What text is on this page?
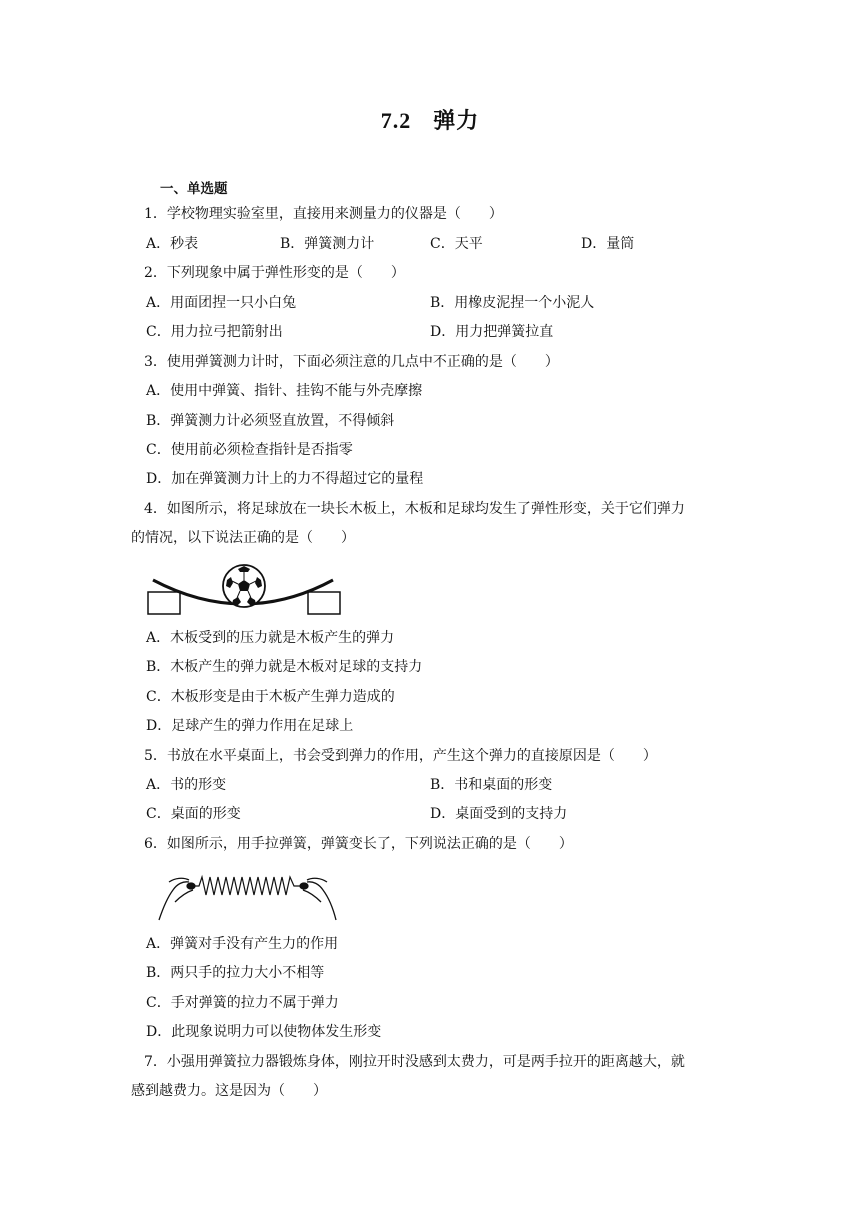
7.2 弹力
一、单选题
1．学校物理实验室里，直接用来测量力的仪器是（　　）
A．秒表	B．弹簧测力计	C．天平	D．量筒
2．下列现象中属于弹性形变的是（　　）
A．用面团捏一只小白兔	B．用橡皮泥捏一个小泥人
C．用力拉弓把箭射出	D．用力把弹簧拉直
3．使用弹簧测力计时，下面必须注意的几点中不正确的是（　　）
A．使用中弹簧、指针、挂钩不能与外壳摩擦
B．弹簧测力计必须竖直放置，不得倾斜
C．使用前必须检查指针是否指零
D．加在弹簧测力计上的力不得超过它的量程
4．如图所示，将足球放在一块长木板上，木板和足球均发生了弹性形变，关于它们弹力
的情况，以下说法正确的是（　　）
A．木板受到的压力就是木板产生的弹力
B．木板产生的弹力就是木板对足球的支持力
C．木板形变是由于木板产生弹力造成的
D．足球产生的弹力作用在足球上
5．书放在水平桌面上，书会受到弹力的作用，产生这个弹力的直接原因是（　　）
A．书的形变	B．书和桌面的形变
C．桌面的形变	D．桌面受到的支持力
6．如图所示，用手拉弹簧，弹簧变长了，下列说法正确的是（　　）
A．弹簧对手没有产生力的作用
B．两只手的拉力大小不相等
C．手对弹簧的拉力不属于弹力
D．此现象说明力可以使物体发生形变
7．小强用弹簧拉力器锻炼身体，刚拉开时没感到太费力，可是两手拉开的距离越大，就
感到越费力。这是因为（　　）
